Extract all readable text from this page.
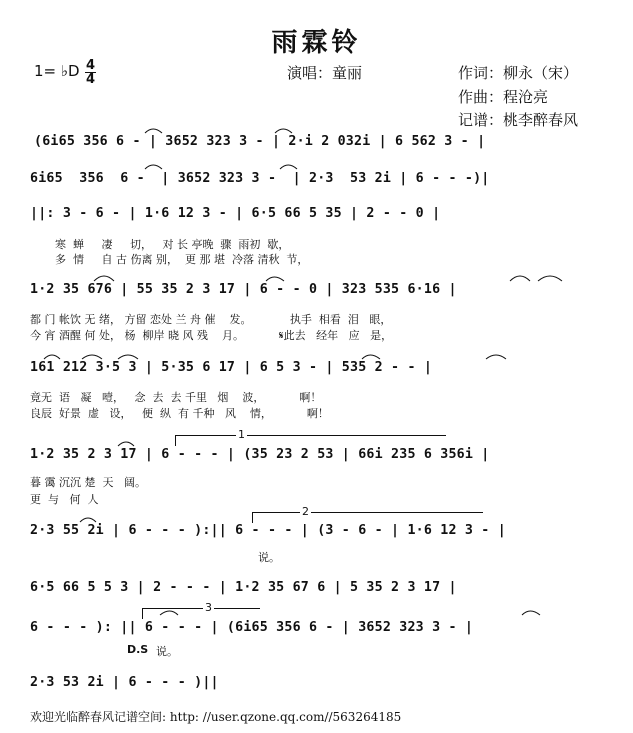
雨霖铃
1= ♭D 4
4	演唱：童丽	作词：柳永（宋）
作曲：程沧亮
记谱：桃李醉春风
(6i65 356 6 - | 3652 323 3 - | 2·i 2 032i | 6 562 3 - |
6i65  356  6 -  | 3652 323 3 -  | 2·3  53 2i | 6 - - -)|
||: 3 - 6 - | 1·6 12 3 - | 6·5 66 5 35 | 2 - - 0 |
寒  蝉     凄     切，   对 长 亭晚  骤  雨初  歇，
多  情     自 古 伤离 别，  更 那 堪  冷落 清秋  节，
1·2 35 676 | 55 35 2 3 17 | 6 - - 0 | 323 535 6·16 |
都 门 帐饮 无 绪， 方留 恋处 兰 舟 催    发。           执手  相看  泪   眼，
今 宵 酒醒 何 处， 杨  柳岸 晓 风 残    月。          𝄋此去   经年   应   是，
161 212 3·5 3 | 5·35 6 17 | 6 5 3 - | 535 2 - - |
竟无  语   凝   噎，   念  去  去 千里   烟    波，          啊！
良辰  好景  虚   设，   便  纵  有 千种   风    情，          啊！
1·2 35 2 3 17 | 6 - - - | (35 23 2 53 | 66i 235 6 356i |
暮 霭 沉沉 楚  天   阔。
更  与   何  人
2·3 55 2i | 6 - - - ):|| 6 - - - | (3 - 6 - | 1·6 12 3 - |
说。
6·5 66 5 5 3 | 2 - - - | 1·2 35 67 6 | 5 35 2 3 17 |
6 - - - ): || 6 - - - | (6i65 356 6 - | 3652 323 3 - |
D.S 说。
2·3 53 2i | 6 - - - )||
1
2
3
欢迎光临醉春风记谱空间: http: //user.qzone.qq.com//563264185
